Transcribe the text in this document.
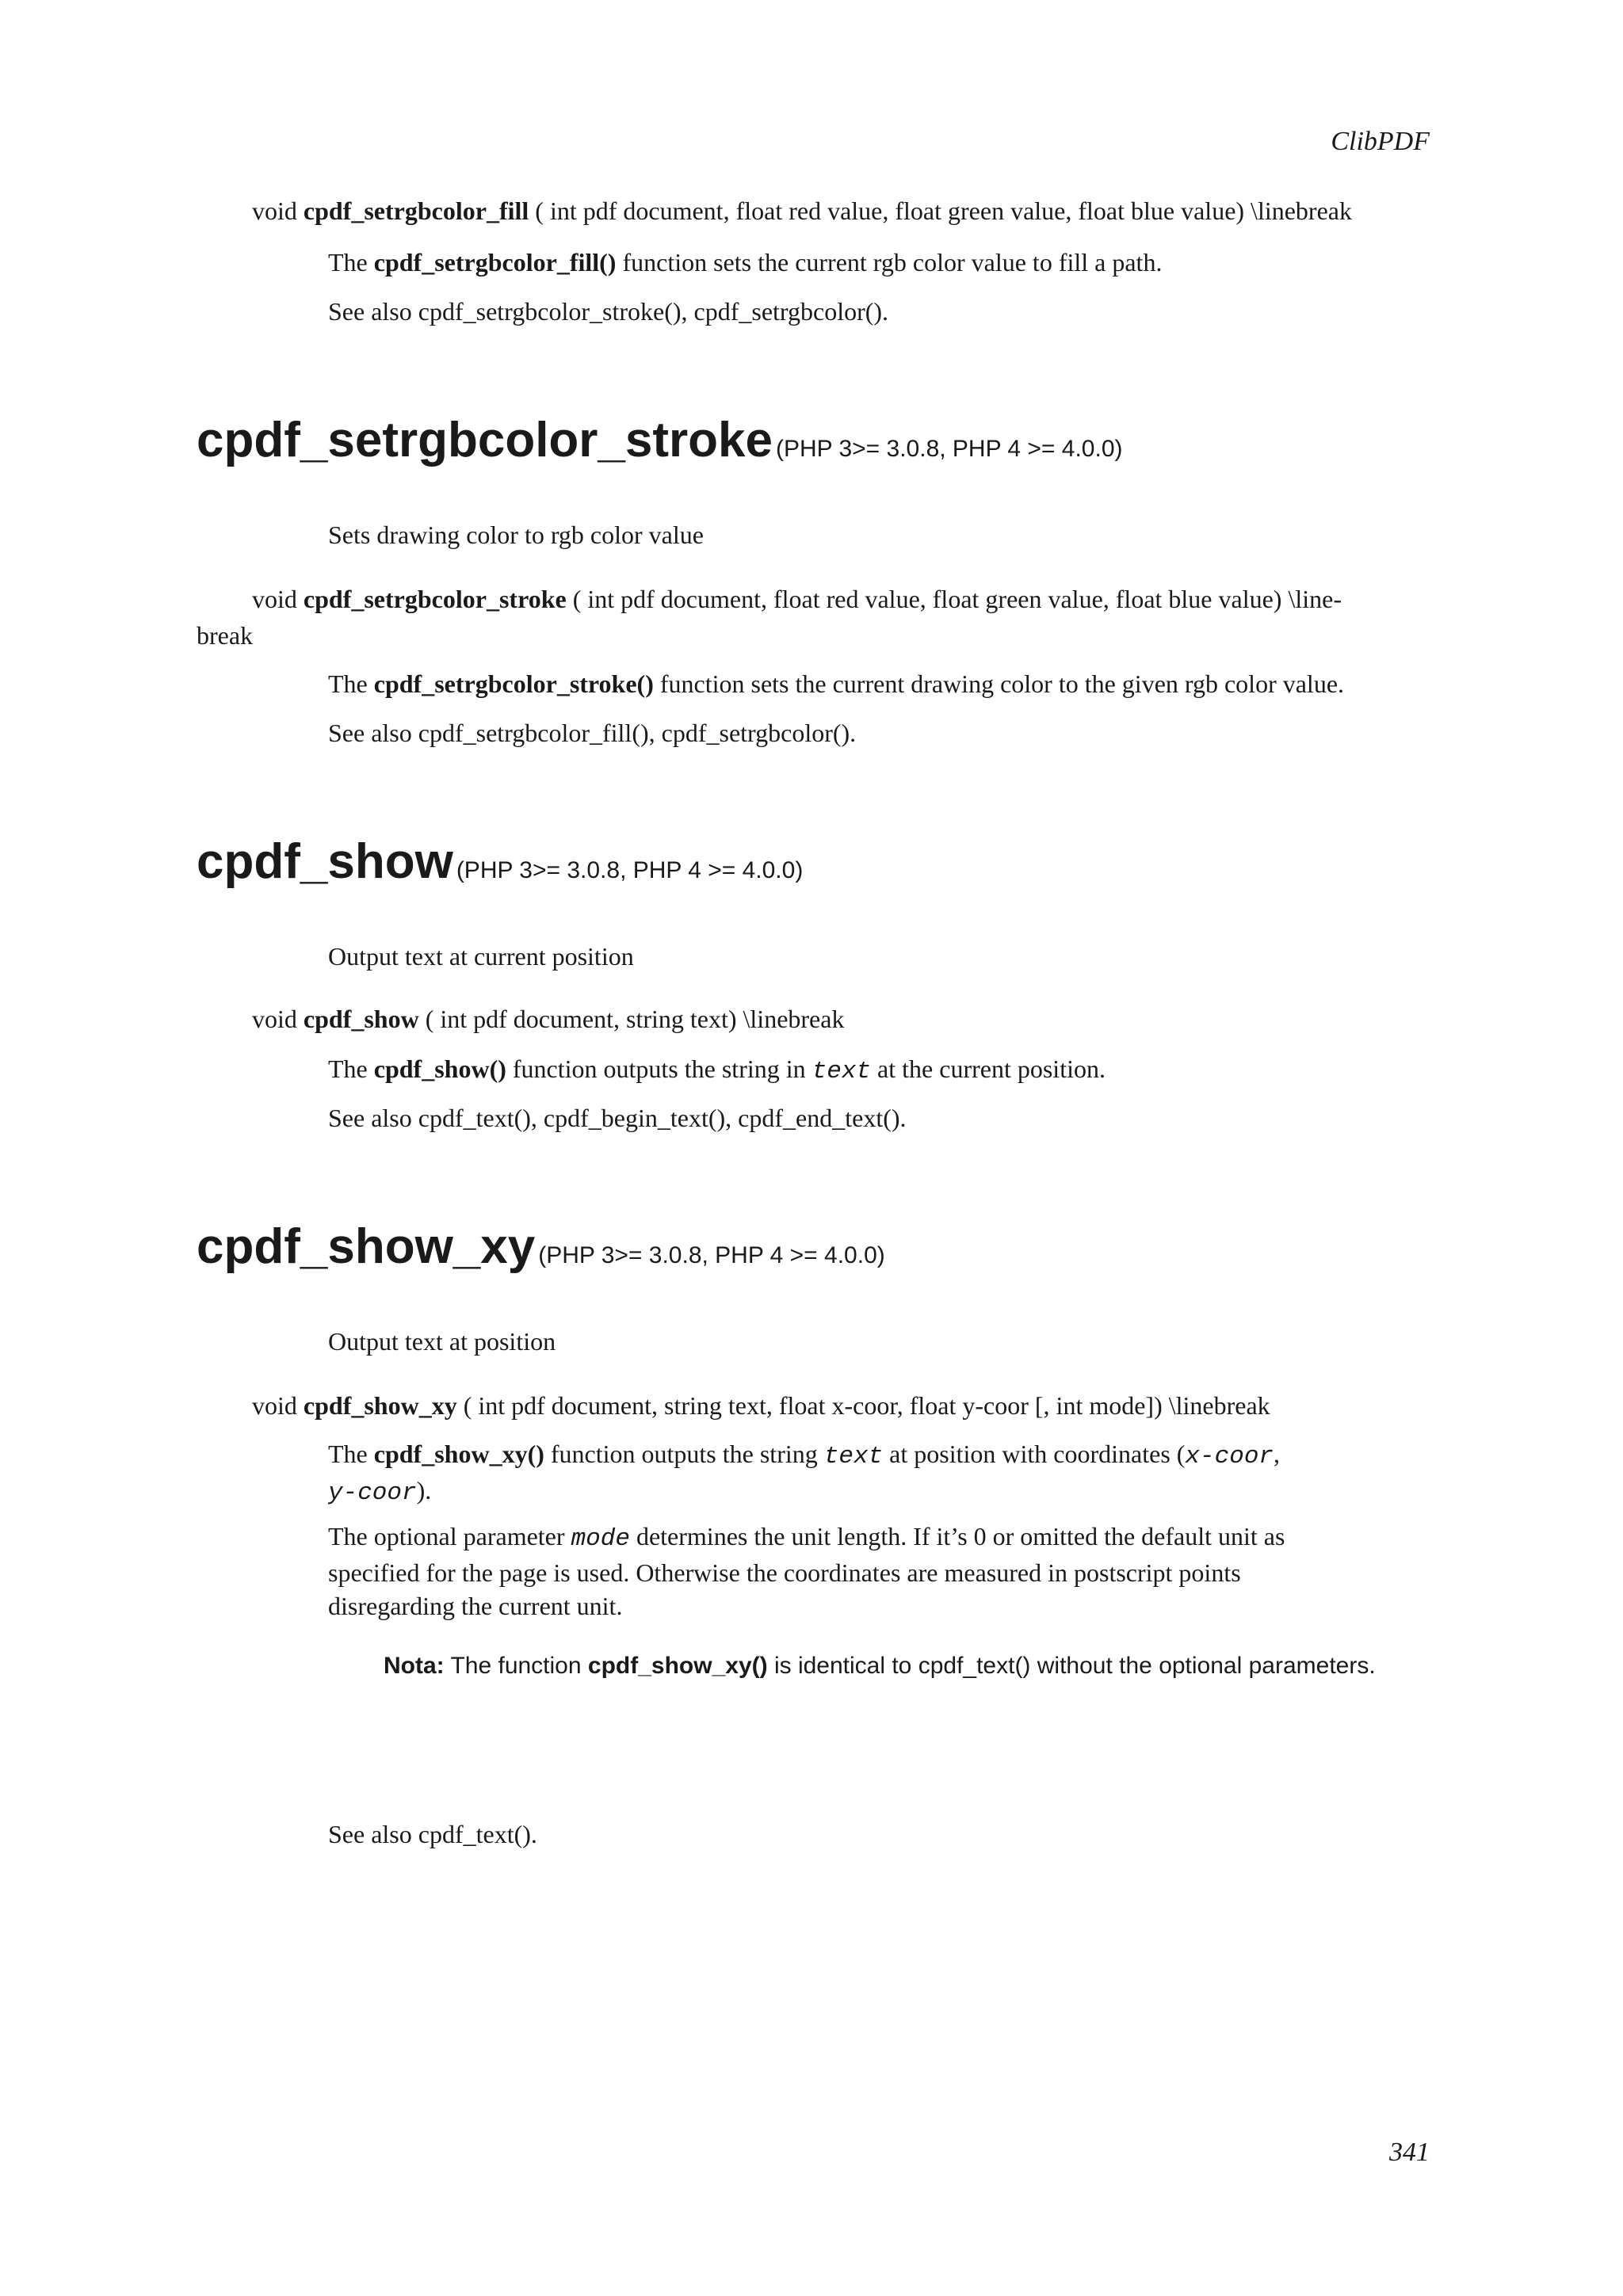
ClibPDF
void cpdf_setrgbcolor_fill ( int pdf document, float red value, float green value, float blue value) \linebreak
The cpdf_setrgbcolor_fill() function sets the current rgb color value to fill a path.
See also cpdf_setrgbcolor_stroke(), cpdf_setrgbcolor().
cpdf_setrgbcolor_stroke (PHP 3>= 3.0.8, PHP 4 >= 4.0.0)
Sets drawing color to rgb color value
void cpdf_setrgbcolor_stroke ( int pdf document, float red value, float green value, float blue value) \line-
break
The cpdf_setrgbcolor_stroke() function sets the current drawing color to the given rgb color value.
See also cpdf_setrgbcolor_fill(), cpdf_setrgbcolor().
cpdf_show (PHP 3>= 3.0.8, PHP 4 >= 4.0.0)
Output text at current position
void cpdf_show ( int pdf document, string text) \linebreak
The cpdf_show() function outputs the string in text at the current position.
See also cpdf_text(), cpdf_begin_text(), cpdf_end_text().
cpdf_show_xy (PHP 3>= 3.0.8, PHP 4 >= 4.0.0)
Output text at position
void cpdf_show_xy ( int pdf document, string text, float x-coor, float y-coor [, int mode]) \linebreak
The cpdf_show_xy() function outputs the string text at position with coordinates (x-coor,
y-coor).
The optional parameter mode determines the unit length. If it’s 0 or omitted the default unit as
specified for the page is used. Otherwise the coordinates are measured in postscript points
disregarding the current unit.
Nota: The function cpdf_show_xy() is identical to cpdf_text() without the optional parameters.
See also cpdf_text().
341
